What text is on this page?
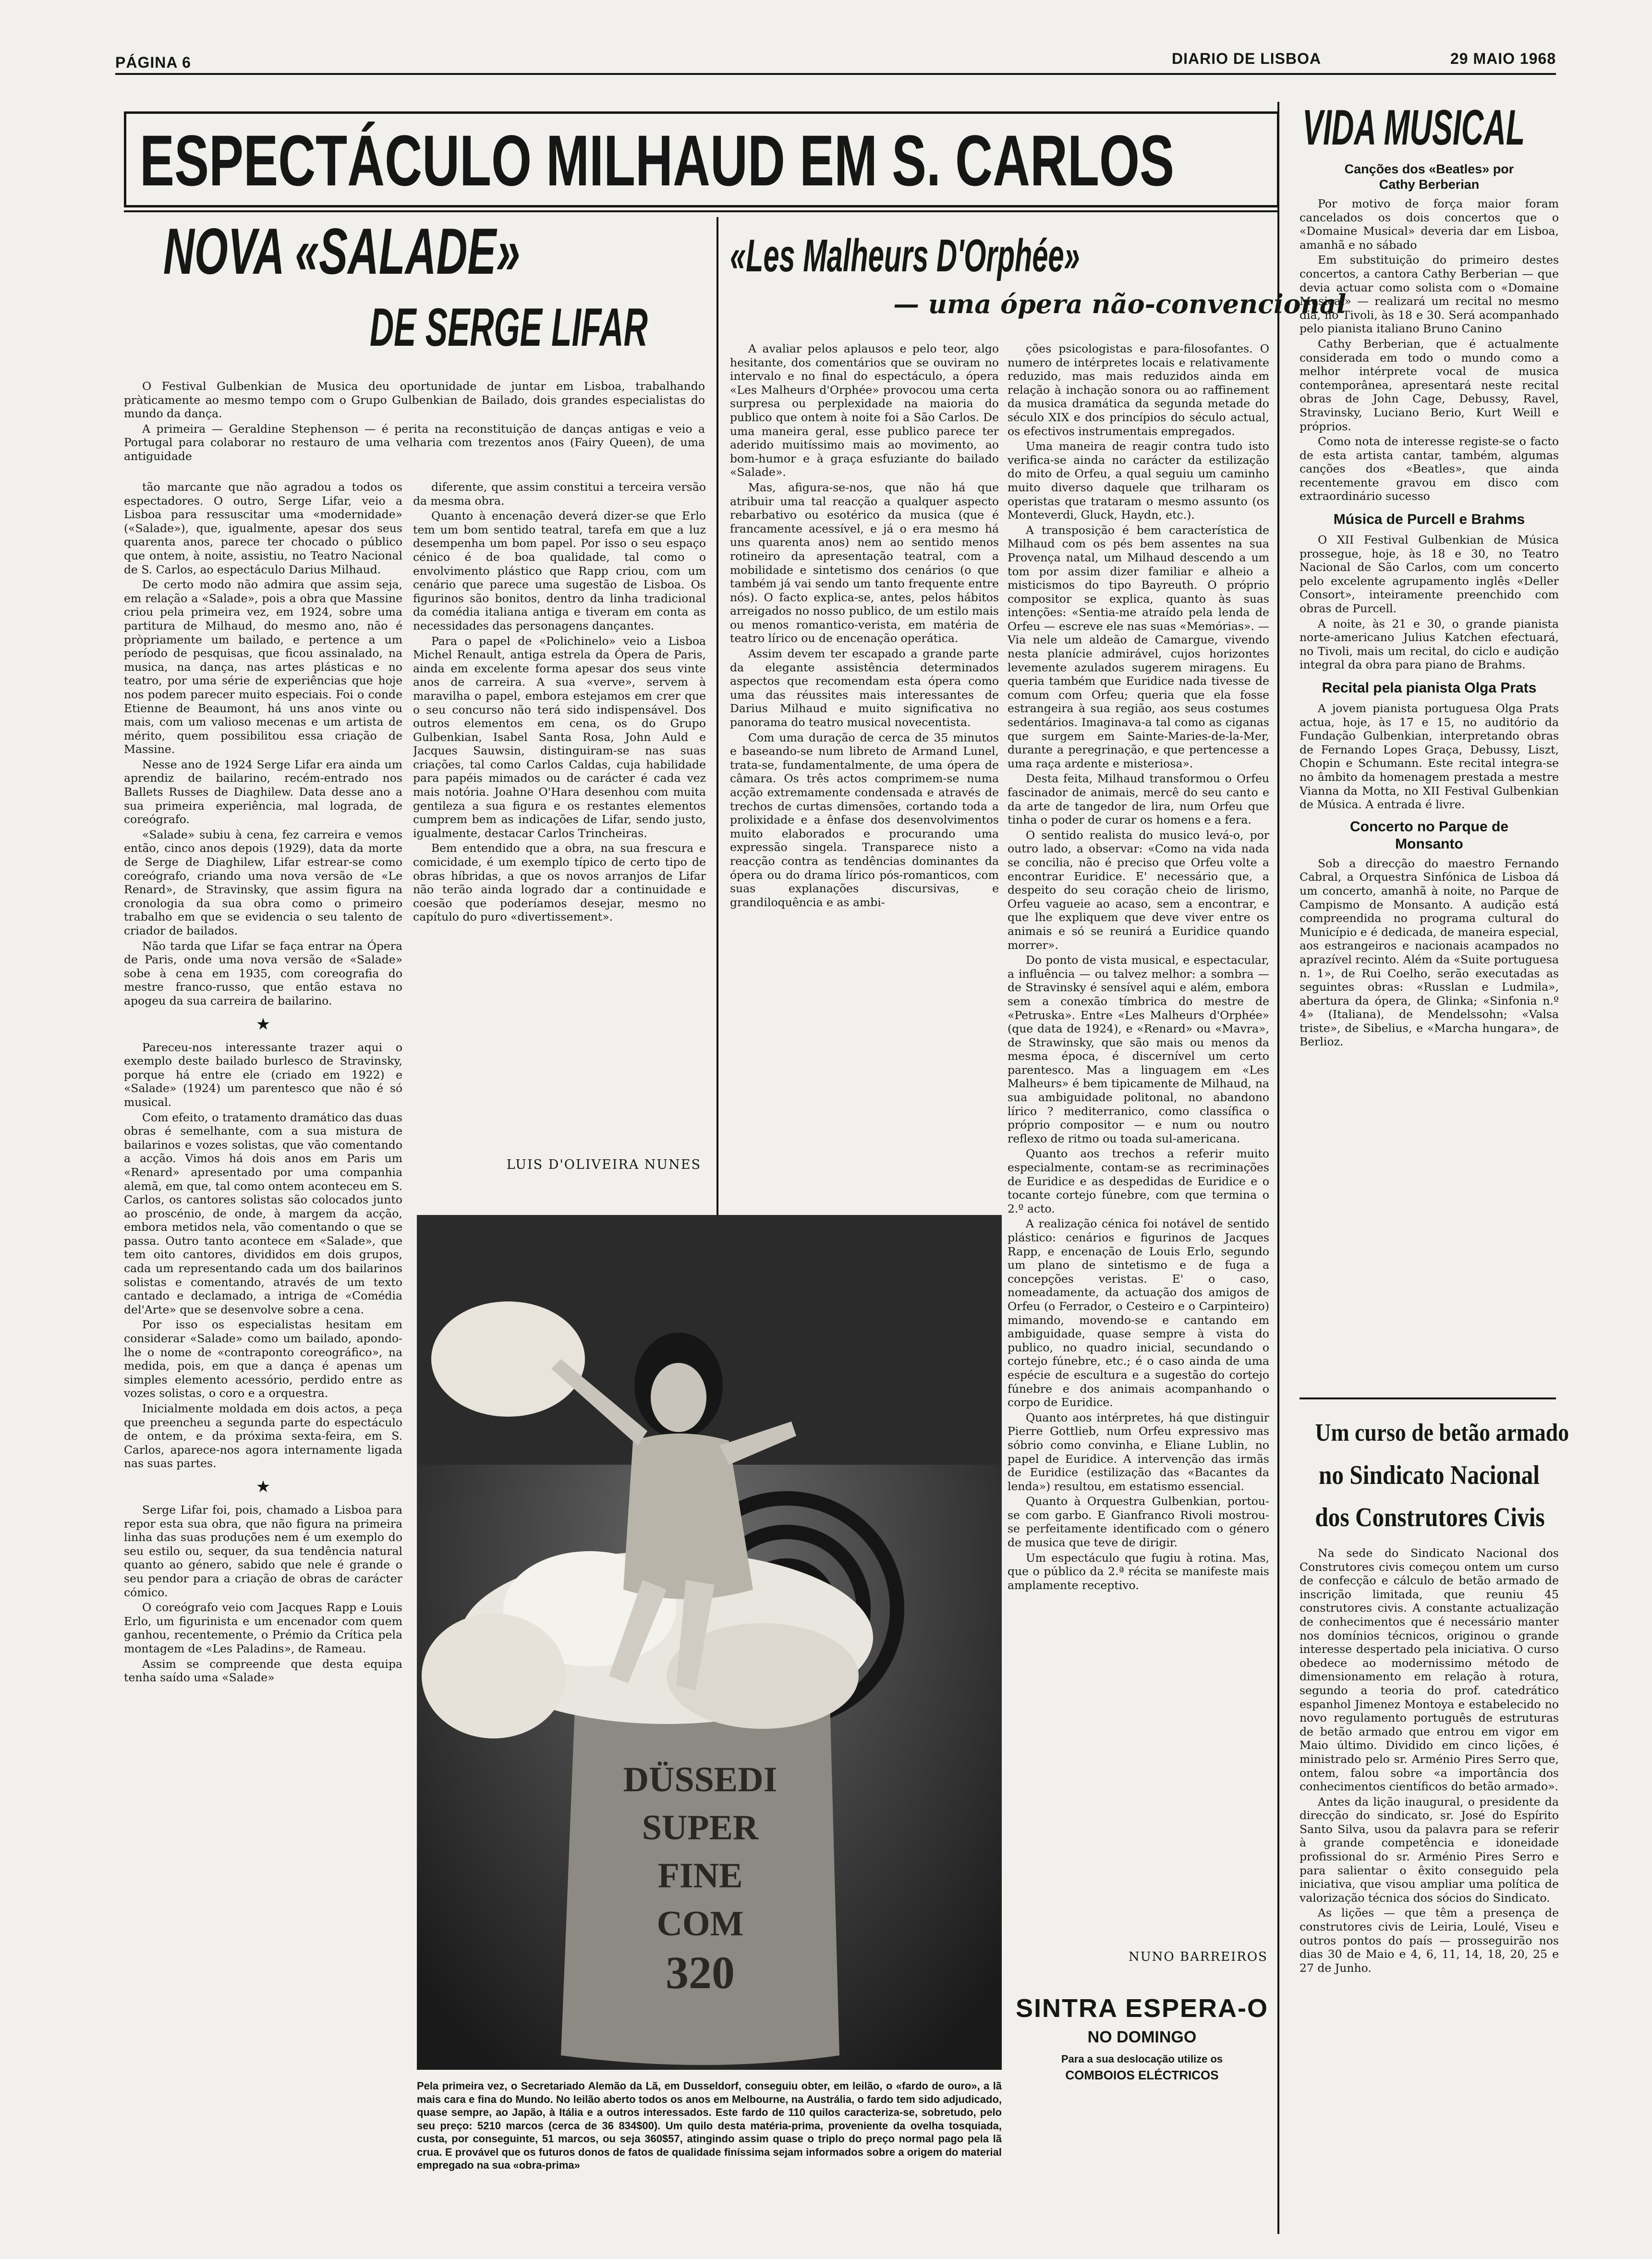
PÁGINA 6	DIARIO DE LISBOA	29 MAIO 1968
ESPECTÁCULO MILHAUD EM S. CARLOS
NOVA «SALADE»
DE SERGE LIFAR

O Festival Gulbenkian de Musica deu oportunidade de juntar em Lisboa, trabalhando pràticamente ao mesmo tempo com o Grupo Gulbenkian de Bailado, dois grandes especialistas do mundo da dança.

A primeira — Geraldine Stephenson — é perita na reconstituição de danças antigas e veio a Portugal para colaborar no restauro de uma velharia com trezentos anos (Fairy Queen), de uma antiguidade

tão marcante que não agradou a todos os espectadores. O outro, Serge Lifar, veio a Lisboa para ressuscitar uma «modernidade» («Salade»), que, igualmente, apesar dos seus quarenta anos, parece ter chocado o público que ontem, à noite, assistiu, no Teatro Nacional de S. Carlos, ao espectáculo Darius Milhaud.

De certo modo não admira que assim seja, em relação a «Salade», pois a obra que Massine criou pela primeira vez, em 1924, sobre uma partitura de Milhaud, do mesmo ano, não é pròpriamente um bailado, e pertence a um período de pesquisas, que ficou assinalado, na musica, na dança, nas artes plásticas e no teatro, por uma série de experiências que hoje nos podem parecer muito especiais. Foi o conde Etienne de Beaumont, há uns anos vinte ou mais, com um valioso mecenas e um artista de mérito, quem possibilitou essa criação de Massine.

Nesse ano de 1924 Serge Lifar era ainda um aprendiz de bailarino, recém-entrado nos Ballets Russes de Diaghilew. Data desse ano a sua primeira experiência, mal lograda, de coreógrafo.

«Salade» subiu à cena, fez carreira e vemos então, cinco anos depois (1929), data da morte de Serge de Diaghilew, Lifar estrear-se como coreógrafo, criando uma nova versão de «Le Renard», de Stravinsky, que assim figura na cronologia da sua obra como o primeiro trabalho em que se evidencia o seu talento de criador de bailados.

Não tarda que Lifar se faça entrar na Ópera de Paris, onde uma nova versão de «Salade» sobe à cena em 1935, com coreografia do mestre franco-russo, que então estava no apogeu da sua carreira de bailarino.

★

Pareceu-nos interessante trazer aqui o exemplo deste bailado burlesco de Stravinsky, porque há entre ele (criado em 1922) e «Salade» (1924) um parentesco que não é só musical.

Com efeito, o tratamento dramático das duas obras é semelhante, com a sua mistura de bailarinos e vozes solistas, que vão comentando a acção. Vimos há dois anos em Paris um «Renard» apresentado por uma companhia alemã, em que, tal como ontem aconteceu em S. Carlos, os cantores solistas são colocados junto ao proscénio, de onde, à margem da acção, embora metidos nela, vão comentando o que se passa. Outro tanto acontece em «Salade», que tem oito cantores, divididos em dois grupos, cada um representando cada um dos bailarinos solistas e comentando, através de um texto cantado e declamado, a intriga de «Comédia del'Arte» que se desenvolve sobre a cena.

Por isso os especialistas hesitam em considerar «Salade» como um bailado, apondo-lhe o nome de «contraponto coreográfico», na medida, pois, em que a dança é apenas um simples elemento acessório, perdido entre as vozes solistas, o coro e a orquestra.

Inicialmente moldada em dois actos, a peça que preencheu a segunda parte do espectáculo de ontem, e da próxima sexta-feira, em S. Carlos, aparece-nos agora internamente ligada nas suas partes.

★

Serge Lifar foi, pois, chamado a Lisboa para repor esta sua obra, que não figura na primeira linha das suas produções nem é um exemplo do seu estilo ou, sequer, da sua tendência natural quanto ao género, sabido que nele é grande o seu pendor para a criação de obras de carácter cómico.

O coreógrafo veio com Jacques Rapp e Louis Erlo, um figurinista e um encenador com quem ganhou, recentemente, o Prémio da Crítica pela montagem de «Les Paladins», de Rameau.

Assim se compreende que desta equipa tenha saído uma «Salade»

diferente, que assim constitui a terceira versão da mesma obra.

Quanto à encenação deverá dizer-se que Erlo tem um bom sentido teatral, tarefa em que a luz desempenha um bom papel. Por isso o seu espaço cénico é de boa qualidade, tal como o envolvimento plástico que Rapp criou, com um cenário que parece uma sugestão de Lisboa. Os figurinos são bonitos, dentro da linha tradicional da comédia italiana antiga e tiveram em conta as necessidades das personagens dançantes.

Para o papel de «Polichinelo» veio a Lisboa Michel Renault, antiga estrela da Ópera de Paris, ainda em excelente forma apesar dos seus vinte anos de carreira. A sua «verve», servem à maravilha o papel, embora estejamos em crer que o seu concurso não terá sido indispensável. Dos outros elementos em cena, os do Grupo Gulbenkian, Isabel Santa Rosa, John Auld e Jacques Sauwsin, distinguiram-se nas suas criações, tal como Carlos Caldas, cuja habilidade para papéis mimados ou de carácter é cada vez mais notória. Joahne O'Hara desenhou com muita gentileza a sua figura e os restantes elementos cumprem bem as indicações de Lifar, sendo justo, igualmente, destacar Carlos Trincheiras.

Bem entendido que a obra, na sua frescura e comicidade, é um exemplo típico de certo tipo de obras híbridas, a que os novos arranjos de Lifar não terão ainda logrado dar a continuidade e coesão que poderíamos desejar, mesmo no capítulo do puro «divertissement».

LUIS D'OLIVEIRA NUNES
«Les Malheurs D'Orphée»
— uma ópera não-convencional

A avaliar pelos aplausos e pelo teor, algo hesitante, dos comentários que se ouviram no intervalo e no final do espectáculo, a ópera «Les Malheurs d'Orphée» provocou uma certa surpresa ou perplexidade na maioria do publico que ontem à noite foi a São Carlos. De uma maneira geral, esse publico parece ter aderido muitíssimo mais ao movimento, ao bom-humor e à graça esfuziante do bailado «Salade».

Mas, afigura-se-nos, que não há que atribuir uma tal reacção a qualquer aspecto rebarbativo ou esotérico da musica (que é francamente acessível, e já o era mesmo há uns quarenta anos) nem ao sentido menos rotineiro da apresentação teatral, com a mobilidade e sintetismo dos cenários (o que também já vai sendo um tanto frequente entre nós). O facto explica-se, antes, pelos hábitos arreigados no nosso publico, de um estilo mais ou menos romantico-verista, em matéria de teatro lírico ou de encenação operática.

Assim devem ter escapado a grande parte da elegante assistência determinados aspectos que recomendam esta ópera como uma das réussites mais interessantes de Darius Milhaud e muito significativa no panorama do teatro musical novecentista.

Com uma duração de cerca de 35 minutos e baseando-se num libreto de Armand Lunel, trata-se, fundamentalmente, de uma ópera de câmara. Os três actos comprimem-se numa acção extremamente condensada e através de trechos de curtas dimensões, cortando toda a prolixidade e a ênfase dos desenvolvimentos muito elaborados e procurando uma expressão singela. Transparece nisto a reacção contra as tendências dominantes da ópera ou do drama lírico pós-romanticos, com suas explanações discursivas, e grandiloquência e as ambi-

ções psicologistas e para-filosofantes. O numero de intérpretes locais e relativamente reduzido, mas mais reduzidos ainda em relação à inchação sonora ou ao raffinement da musica dramática da segunda metade do século XIX e dos princípios do século actual, os efectivos instrumentais empregados.

Uma maneira de reagir contra tudo isto verifica-se ainda no carácter da estilização do mito de Orfeu, a qual seguiu um caminho muito diverso daquele que trilharam os operistas que trataram o mesmo assunto (os Monteverdi, Gluck, Haydn, etc.).

A transposição é bem característica de Milhaud com os pés bem assentes na sua Provença natal, um Milhaud descendo a um tom por assim dizer familiar e alheio a misticismos do tipo Bayreuth. O próprio compositor se explica, quanto às suas intenções: «Sentia-me atraído pela lenda de Orfeu — escreve ele nas suas «Memórias». — Via nele um aldeão de Camargue, vivendo nesta planície admirável, cujos horizontes levemente azulados sugerem miragens. Eu queria também que Euridice nada tivesse de comum com Orfeu; queria que ela fosse estrangeira à sua região, aos seus costumes sedentários. Imaginava-a tal como as ciganas que surgem em Sainte-Maries-de-la-Mer, durante a peregrinação, e que pertencesse a uma raça ardente e misteriosa».

Desta feita, Milhaud transformou o Orfeu fascinador de animais, mercê do seu canto e da arte de tangedor de lira, num Orfeu que tinha o poder de curar os homens e a fera.

O sentido realista do musico levá-o, por outro lado, a observar: «Como na vida nada se concilia, não é preciso que Orfeu volte a encontrar Euridice. E' necessário que, a despeito do seu coração cheio de lirismo, Orfeu vagueie ao acaso, sem a encontrar, e que lhe expliquem que deve viver entre os animais e só se reunirá a Euridice quando morrer».

Do ponto de vista musical, e espectacular, a influência — ou talvez melhor: a sombra — de Stravinsky é sensível aqui e além, embora sem a conexão tímbrica do mestre de «Petruska». Entre «Les Malheurs d'Orphée» (que data de 1924), e «Renard» ou «Mavra», de Strawinsky, que são mais ou menos da mesma época, é discernível um certo parentesco. Mas a linguagem em «Les Malheurs» é bem tipicamente de Milhaud, na sua ambiguidade politonal, no abandono lírico ? mediterranico, como classífica o próprio compositor — e num ou noutro reflexo de ritmo ou toada sul-americana.

Quanto aos trechos a referir muito especialmente, contam-se as recriminações de Euridice e as despedidas de Euridice e o tocante cortejo fúnebre, com que termina o 2.º acto.

A realização cénica foi notável de sentido plástico: cenários e figurinos de Jacques Rapp, e encenação de Louis Erlo, segundo um plano de sintetismo e de fuga a concepções veristas. E' o caso, nomeadamente, da actuação dos amigos de Orfeu (o Ferrador, o Cesteiro e o Carpinteiro) mimando, movendo-se e cantando em ambiguidade, quase sempre à vista do publico, no quadro inicial, secundando o cortejo fúnebre, etc.; é o caso ainda de uma espécie de escultura e a sugestão do cortejo fúnebre e dos animais acompanhando o corpo de Euridice.

Quanto aos intérpretes, há que distinguir Pierre Gottlieb, num Orfeu expressivo mas sóbrio como convinha, e Eliane Lublin, no papel de Euridice. A intervenção das irmãs de Euridice (estilização das «Bacantes da lenda») resultou, em estatismo essencial.

Quanto à Orquestra Gulbenkian, portou-se com garbo. E Gianfranco Rivoli mostrou-se perfeitamente identificado com o género de musica que teve de dirigir.

Um espectáculo que fugiu à rotina. Mas, que o público da 2.ª récita se manifeste mais amplamente receptivo.

NUNO BARREIROS
DÜSSEDI
SUPER
FINE
COM
320
Pela primeira vez, o Secretariado Alemão da Lã, em Dusseldorf, conseguiu obter, em leilão, o «fardo de ouro», a lã mais cara e fina do Mundo. No leilão aberto todos os anos em Melbourne, na Austrália, o fardo tem sido adjudicado, quase sempre, ao Japão, à Itália e a outros interessados. Este fardo de 110 quilos caracteriza-se, sobretudo, pelo seu preço: 5210 marcos (cerca de 36 834$00). Um quilo desta matéria-prima, proveniente da ovelha tosquiada, custa, por conseguinte, 51 marcos, ou seja 360$57, atingindo assim quase o triplo do preço normal pago pela lã crua. E provável que os futuros donos de fatos de qualidade finíssima sejam informados sobre a origem do material empregado na sua «obra-prima»
SINTRA ESPERA-O
NO DOMINGO
Para a sua deslocação utilize os
COMBOIOS ELÉCTRICOS
VIDA MUSICAL
Canções dos «Beatles» por Cathy Berberian

Por motivo de força maior foram cancelados os dois concertos que o «Domaine Musical» deveria dar em Lisboa, amanhã e no sábado

Em substituição do primeiro destes concertos, a cantora Cathy Berberian — que devia actuar como solista com o «Domaine Musical» — realizará um recital no mesmo dia, no Tivoli, às 18 e 30. Será acompanhado pelo pianista italiano Bruno Canino

Cathy Berberian, que é actualmente considerada em todo o mundo como a melhor intérprete vocal de musica contemporânea, apresentará neste recital obras de John Cage, Debussy, Ravel, Stravinsky, Luciano Berio, Kurt Weill e próprios.

Como nota de interesse registe-se o facto de esta artista cantar, também, algumas canções dos «Beatles», que ainda recentemente gravou em disco com extraordinário sucesso

Música de Purcell e Brahms

O XII Festival Gulbenkian de Música prossegue, hoje, às 18 e 30, no Teatro Nacional de São Carlos, com um concerto pelo excelente agrupamento inglês «Deller Consort», inteiramente preenchido com obras de Purcell.

A noite, às 21 e 30, o grande pianista norte-americano Julius Katchen efectuará, no Tivoli, mais um recital, do ciclo e audição integral da obra para piano de Brahms.

Recital pela pianista Olga Prats

A jovem pianista portuguesa Olga Prats actua, hoje, às 17 e 15, no auditório da Fundação Gulbenkian, interpretando obras de Fernando Lopes Graça, Debussy, Liszt, Chopin e Schumann. Este recital integra-se no âmbito da homenagem prestada a mestre Vianna da Motta, no XII Festival Gulbenkian de Música. A entrada é livre.

Concerto no Parque de Monsanto

Sob a direcção do maestro Fernando Cabral, a Orquestra Sinfónica de Lisboa dá um concerto, amanhã à noite, no Parque de Campismo de Monsanto. A audição está compreendida no programa cultural do Município e é dedicada, de maneira especial, aos estrangeiros e nacionais acampados no aprazível recinto. Além da «Suite portuguesa n. 1», de Rui Coelho, serão executadas as seguintes obras: «Russlan e Ludmila», abertura da ópera, de Glinka; «Sinfonia n.º 4» (Italiana), de Mendelssohn; «Valsa triste», de Sibelius, e «Marcha hungara», de Berlioz.

Um curso de betão armado
no Sindicato Nacional
dos Construtores Civis

Na sede do Sindicato Nacional dos Construtores civis começou ontem um curso de confecção e cálculo de betão armado de inscrição limitada, que reuniu 45 construtores civis. A constante actualização de conhecimentos que é necessário manter nos domínios técnicos, originou o grande interesse despertado pela iniciativa. O curso obedece ao modernissimo método de dimensionamento em relação à rotura, segundo a teoria do prof. catedrático espanhol Jimenez Montoya e estabelecido no novo regulamento português de estruturas de betão armado que entrou em vigor em Maio último. Dividido em cinco lições, é ministrado pelo sr. Arménio Pires Serro que, ontem, falou sobre «a importância dos conhecimentos científicos do betão armado».

Antes da lição inaugural, o presidente da direcção do sindicato, sr. José do Espírito Santo Silva, usou da palavra para se referir à grande competência e idoneidade profissional do sr. Arménio Pires Serro e para salientar o êxito conseguido pela iniciativa, que visou ampliar uma política de valorização técnica dos sócios do Sindicato.

As lições — que têm a presença de construtores civis de Leiria, Loulé, Viseu e outros pontos do país — prosseguirão nos dias 30 de Maio e 4, 6, 11, 14, 18, 20, 25 e 27 de Junho.
